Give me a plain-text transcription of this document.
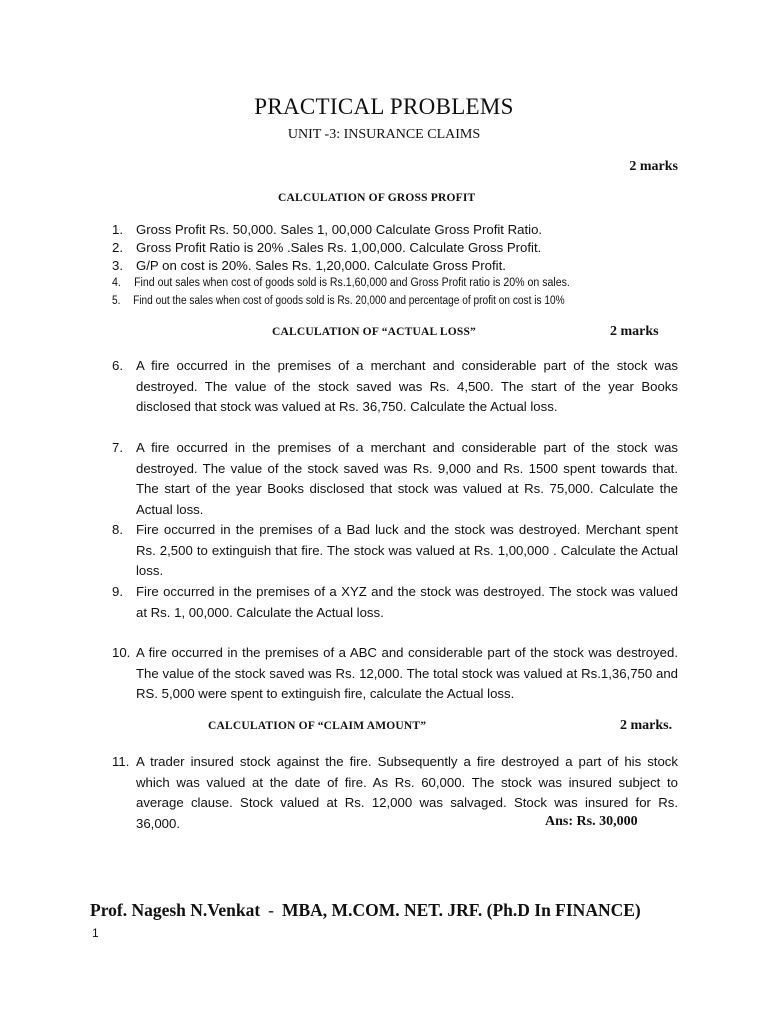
PRACTICAL PROBLEMS
UNIT -3: INSURANCE CLAIMS
2 marks
CALCULATION OF GROSS PROFIT
1. Gross Profit Rs. 50,000. Sales 1, 00,000 Calculate Gross Profit Ratio.
2. Gross Profit Ratio is 20% .Sales Rs. 1,00,000. Calculate Gross Profit.
3. G/P on cost is 20%. Sales Rs. 1,20,000. Calculate Gross Profit.
4. Find out sales when cost of goods sold is Rs.1,60,000 and Gross Profit ratio is 20% on sales.
5. Find out the sales when cost of goods sold is Rs. 20,000 and percentage of profit on cost is 10%
CALCULATION OF “ACTUAL LOSS”	2 marks
6. A fire occurred in the premises of a merchant and considerable part of the stock was destroyed. The value of the stock saved was Rs. 4,500. The start of the year Books disclosed that stock was valued at Rs. 36,750. Calculate the Actual loss.
7. A fire occurred in the premises of a merchant and considerable part of the stock was destroyed. The value of the stock saved was Rs. 9,000 and Rs. 1500 spent towards that. The start of the year Books disclosed that stock was valued at Rs. 75,000. Calculate the Actual loss.
8. Fire occurred in the premises of a Bad luck and the stock was destroyed. Merchant spent Rs. 2,500 to extinguish that fire. The stock was valued at Rs. 1,00,000 . Calculate the Actual loss.
9. Fire occurred in the premises of a XYZ and the stock was destroyed. The stock was valued at Rs. 1, 00,000. Calculate the Actual loss.
10. A fire occurred in the premises of a ABC and considerable part of the stock was destroyed. The value of the stock saved was Rs. 12,000. The total stock was valued at Rs.1,36,750 and RS. 5,000 were spent to extinguish fire, calculate the Actual loss.
CALCULATION OF “CLAIM AMOUNT”	2 marks.
11. A trader insured stock against the fire. Subsequently a fire destroyed a part of his stock which was valued at the date of fire. As Rs. 60,000. The stock was insured subject to average clause. Stock valued at Rs. 12,000 was salvaged. Stock was insured for Rs. 36,000.	Ans: Rs. 30,000
Prof. Nagesh N.Venkat - MBA, M.COM. NET. JRF. (Ph.D In FINANCE)
1
